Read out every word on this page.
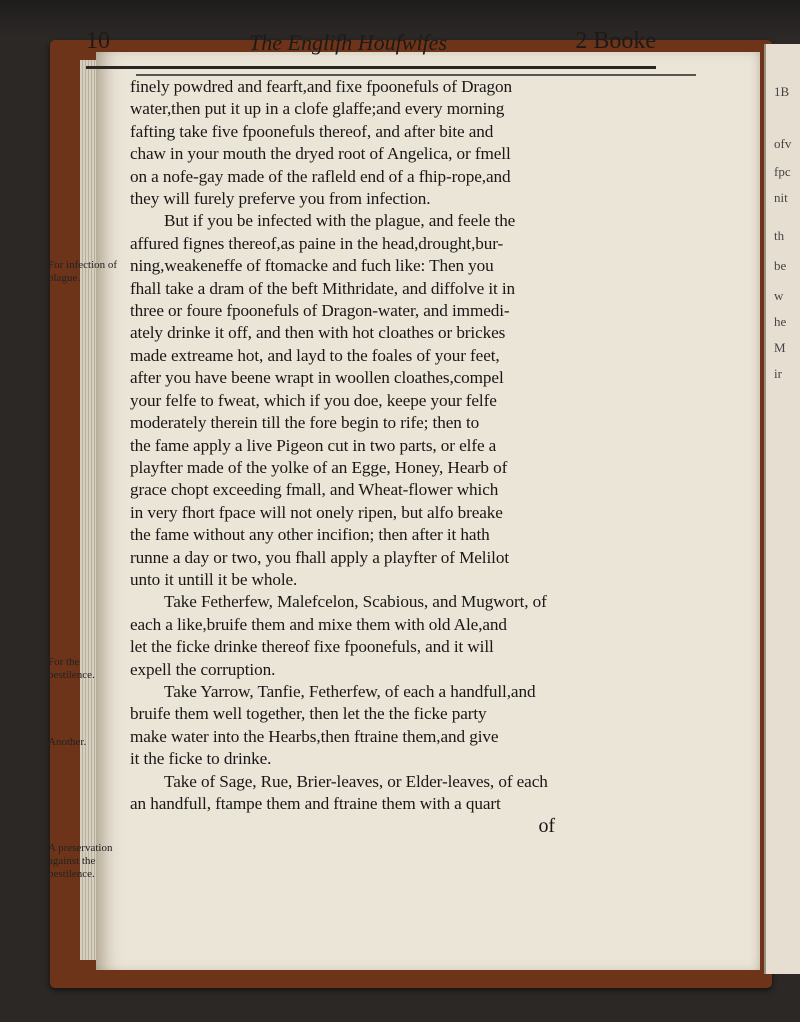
1B
ofv
fpc
nit
th
be
w
he
M
ir
10	The Englifh Houfwifes	2 Booke
For infection of plague.
For the pestilence.
Another.
A preservation against the pestilence.
finely powdred and fearft,and fixe fpoonefuls of Dragon
water,then put it up in a clofe glaffe;and every morning
fafting take five fpoonefuls thereof, and after bite and
chaw in your mouth the dryed root of Angelica, or fmell
on a nofe-gay made of the rafleld end of a fhip-rope,and
they will furely preferve you from infection.
But if you be infected with the plague, and feele the
affured fignes thereof,as paine in the head,drought,bur-
ning,weakeneffe of ftomacke and fuch like: Then you
fhall take a dram of the beft Mithridate, and diffolve it in
three or foure fpoonefuls of Dragon-water, and immedi-
ately drinke it off, and then with hot cloathes or brickes
made extreame hot, and layd to the foales of your feet,
after you have beene wrapt in woollen cloathes,compel
your felfe to fweat, which if you doe, keepe your felfe
moderately therein till the fore begin to rife; then to
the fame apply a live Pigeon cut in two parts, or elfe a
playfter made of the yolke of an Egge, Honey, Hearb of
grace chopt exceeding fmall, and Wheat-flower which
in very fhort fpace will not onely ripen, but alfo breake
the fame without any other incifion; then after it hath
runne a day or two, you fhall apply a playfter of Melilot
unto it untill it be whole.
Take Fetherfew, Malefcelon, Scabious, and Mugwort, of
each a like,bruife them and mixe them with old Ale,and
let the ficke drinke thereof fixe fpoonefuls, and it will
expell the corruption.
Take Yarrow, Tanfie, Fetherfew, of each a handfull,and
bruife them well together, then let the the ficke party
make water into the Hearbs,then ftraine them,and give
it the ficke to drinke.
Take of Sage, Rue, Brier-leaves, or Elder-leaves, of each
an handfull, ftampe them and ftraine them with a quart
of
